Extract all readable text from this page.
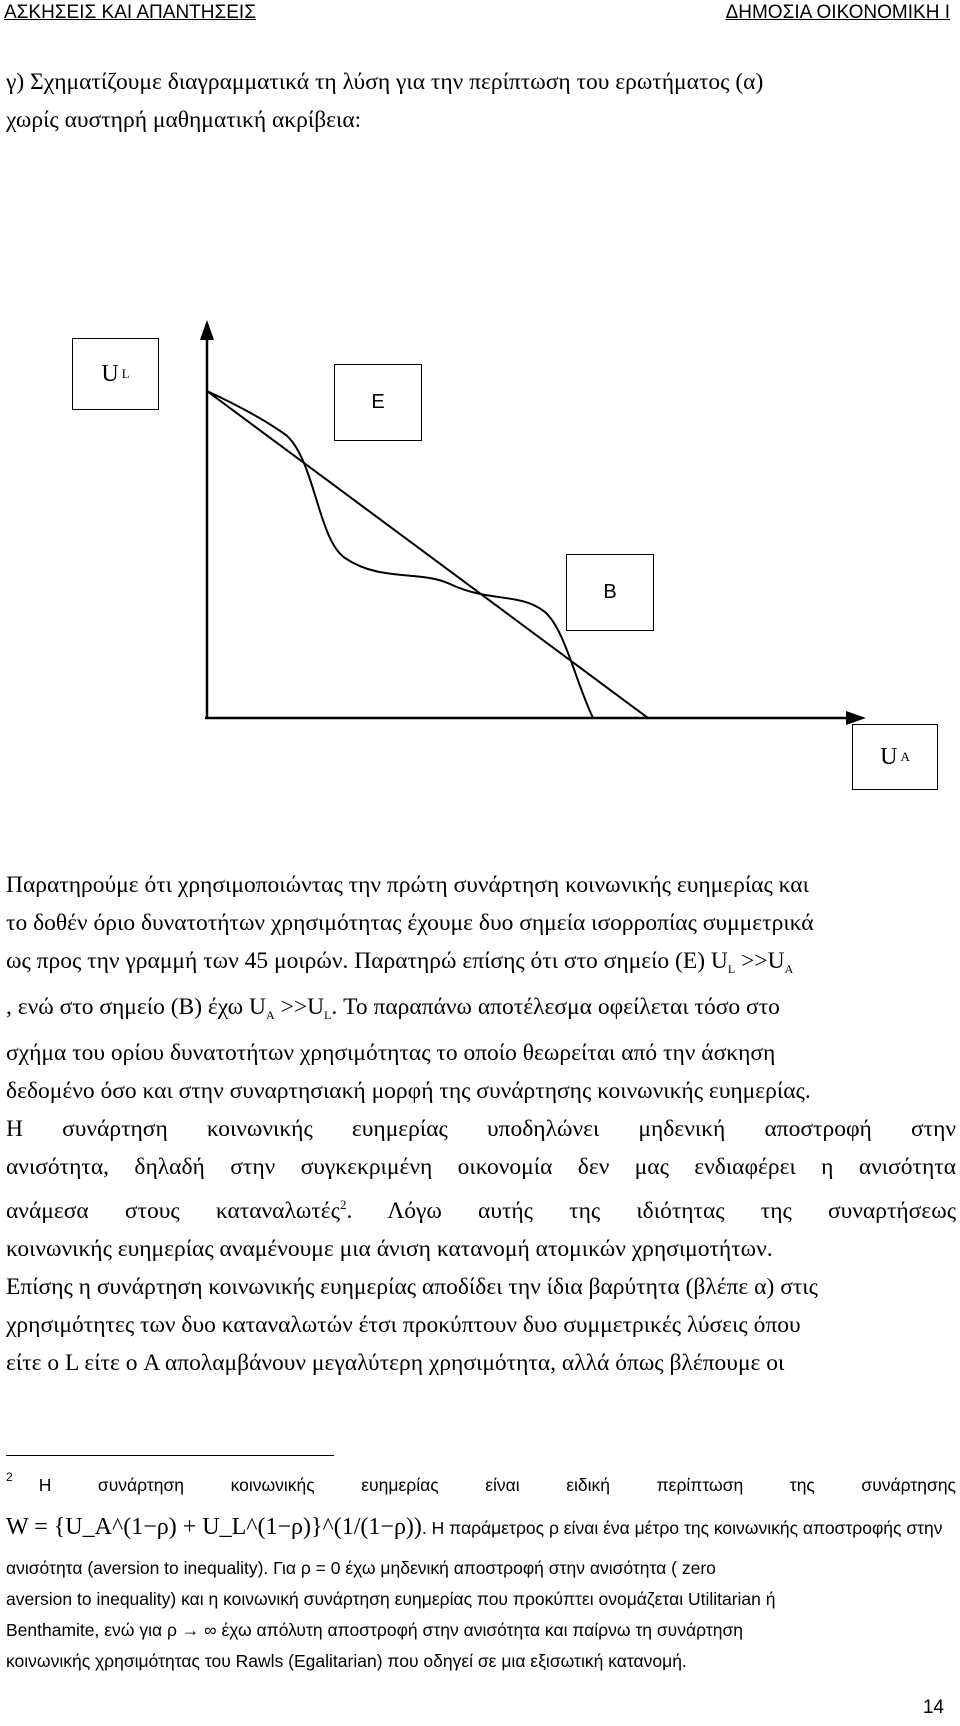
ΑΣΚΗΣΕΙΣ ΚΑΙ ΑΠΑΝΤΗΣΕΙΣ	ΔΗΜΟΣΙΑ ΟΙΚΟΝΟΜΙΚΗ Ι

γ) Σχηματίζουμε διαγραμματικά τη λύση για την περίπτωση του ερωτήματος (α)

χωρίς αυστηρή μαθηματική ακρίβεια:

U L
E
B
U A
Παρατηρούμε ότι χρησιμοποιώντας την πρώτη συνάρτηση κοινωνικής ευημερίας και
το δοθέν όριο δυνατοτήτων χρησιμότητας έχουμε δυο σημεία ισορροπίας συμμετρικά
ως προς την γραμμή των 45 μοιρών. Παρατηρώ επίσης ότι στο σημείο (Ε) $U_L >>U_A$
, ενώ στο σημείο (Β) έχω $U_A >>U_L$. Το παραπάνω αποτέλεσμα οφείλεται τόσο στο
σχήμα του ορίου δυνατοτήτων χρησιμότητας το οποίο θεωρείται από την άσκηση
δεδομένο όσο και στην συναρτησιακή μορφή της συνάρτησης κοινωνικής ευημερίας.
Η συνάρτηση κοινωνικής ευημερίας υποδηλώνει μηδενική αποστροφή στην
ανισότητα, δηλαδή στην συγκεκριμένη οικονομία δεν μας ενδιαφέρει η ανισότητα
ανάμεσα στους καταναλωτές$^2$. Λόγω αυτής της ιδιότητας της συναρτήσεως
κοινωνικής ευημερίας αναμένουμε μια άνιση κατανομή ατομικών χρησιμοτήτων.
Επίσης η συνάρτηση κοινωνικής ευημερίας αποδίδει την ίδια βαρύτητα (βλέπε α) στις
χρησιμότητες των δυο καταναλωτών έτσι προκύπτουν δυο συμμετρικές λύσεις όπου
είτε ο L είτε ο A απολαμβάνουν μεγαλύτερη χρησιμότητα, αλλά όπως βλέπουμε οι
$^2$ Η συνάρτηση κοινωνικής ευημερίας είναι ειδική περίπτωση της συνάρτησης
W = {U_A^(1−ρ) + U_L^(1−ρ)}^(1/(1−ρ)). Η παράμετρος ρ είναι ένα μέτρο της κοινωνικής αποστροφής στην
ανισότητα (aversion to inequality). Για ρ = 0 έχω μηδενική αποστροφή στην ανισότητα ( zero
aversion to inequality) και η κοινωνική συνάρτηση ευημερίας που προκύπτει ονομάζεται Utilitarian ή
Benthamite, ενώ για ρ → ∞ έχω απόλυτη αποστροφή στην ανισότητα και παίρνω τη συνάρτηση
κοινωνικής χρησιμότητας του Rawls (Egalitarian) που οδηγεί σε μια εξισωτική κατανομή.
14
